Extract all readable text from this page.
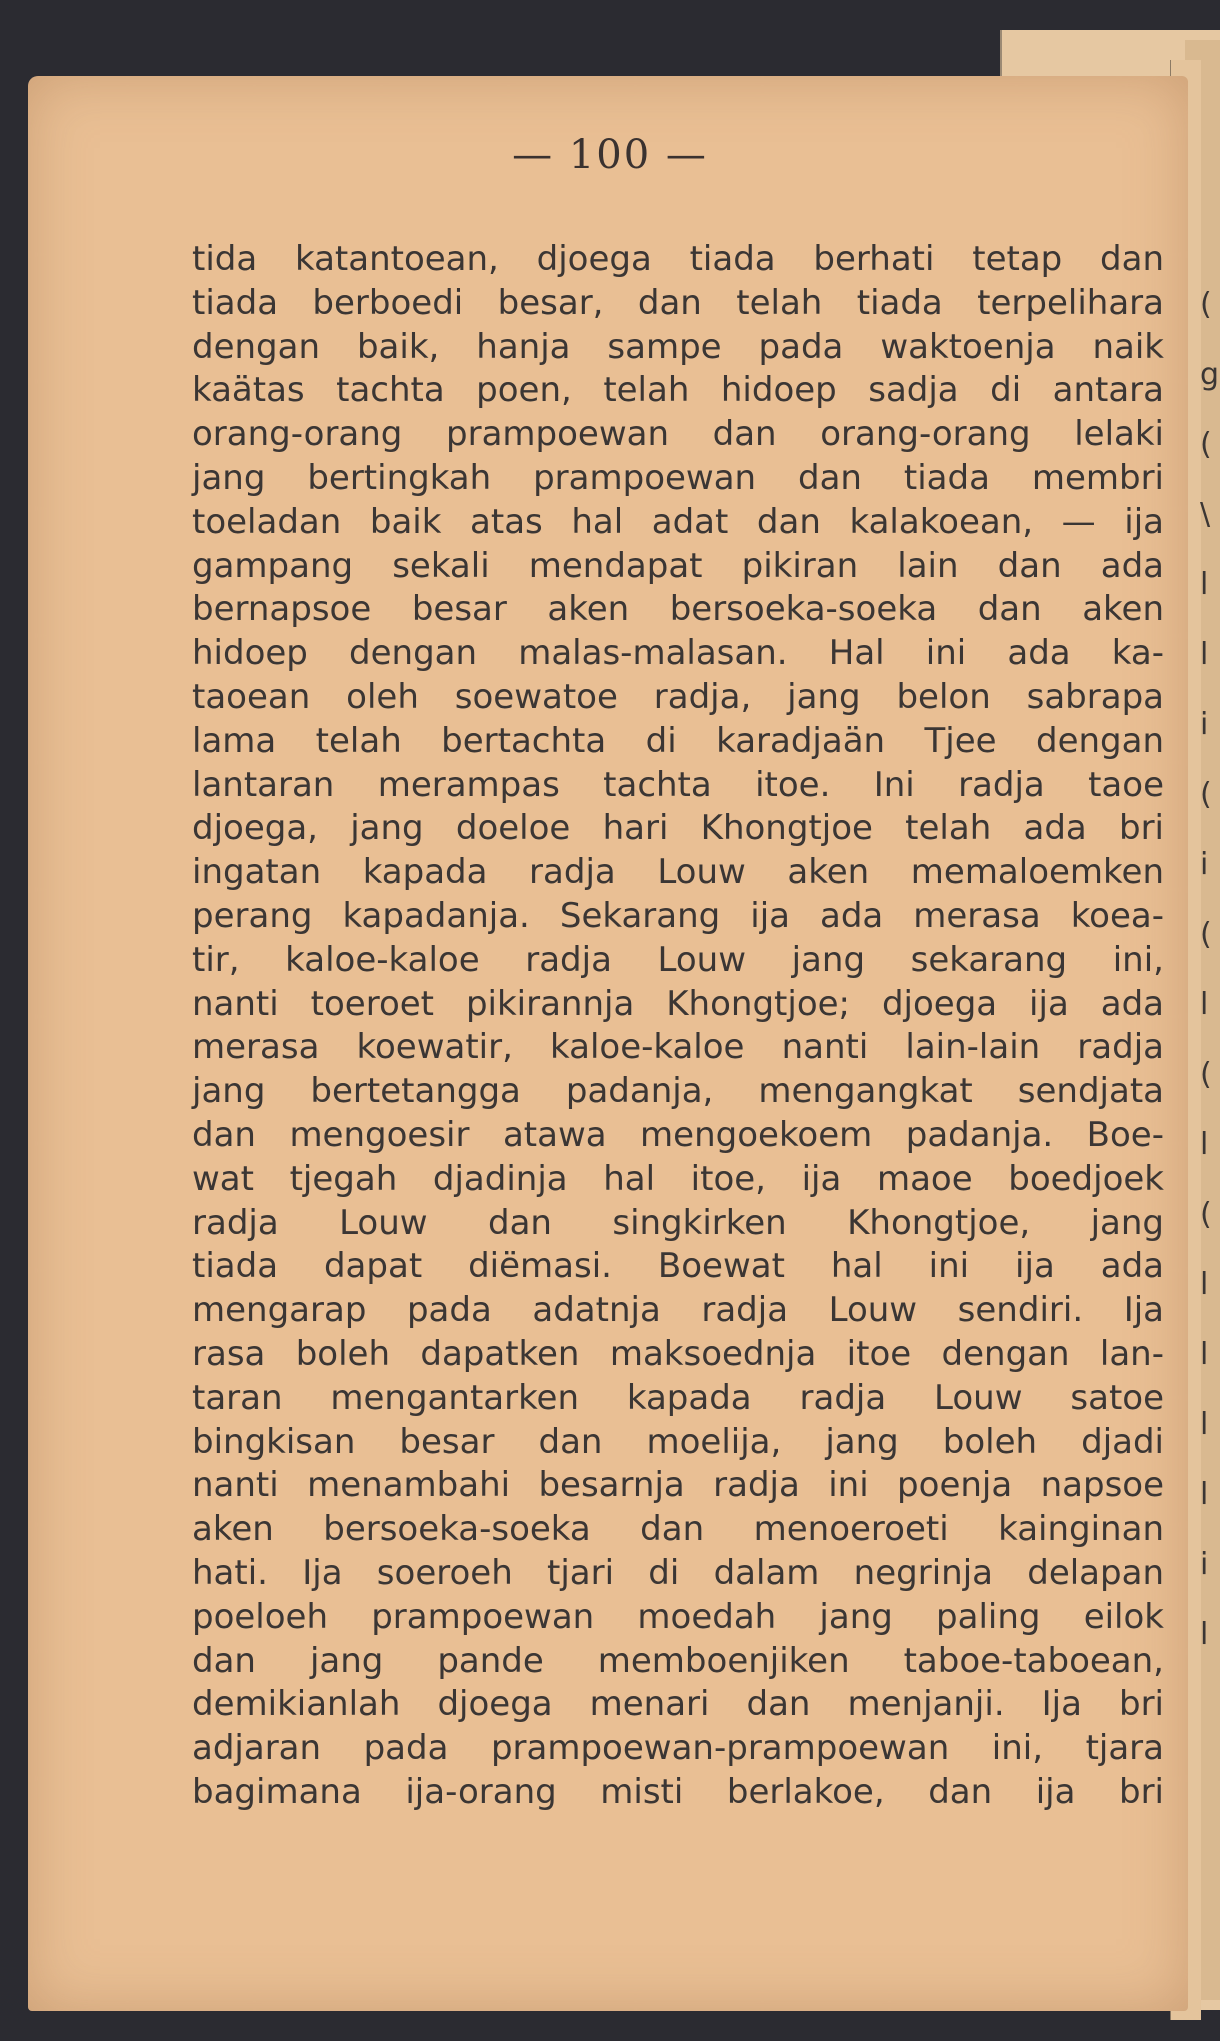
— 100 —
tida katantoean, djoega tiada berhati tetap dan
tiada berboedi besar, dan telah tiada terpelihara
dengan baik, hanja sampe pada waktoenja naik
kaätas tachta poen, telah hidoep sadja di antara
orang-orang prampoewan dan orang-orang lelaki
jang bertingkah prampoewan dan tiada membri
toeladan baik atas hal adat dan kalakoean, — ija
gampang sekali mendapat pikiran lain dan ada
bernapsoe besar aken bersoeka-soeka dan aken
hidoep dengan malas-malasan. Hal ini ada ka-
taoean oleh soewatoe radja, jang belon sabrapa
lama telah bertachta di karadjaän Tjee dengan
lantaran merampas tachta itoe. Ini radja taoe
djoega, jang doeloe hari Khongtjoe telah ada bri
ingatan kapada radja Louw aken memaloemken
perang kapadanja. Sekarang ija ada merasa koea-
tir, kaloe-kaloe radja Louw jang sekarang ini,
nanti toeroet pikirannja Khongtjoe; djoega ija ada
merasa koewatir, kaloe-kaloe nanti lain-lain radja
jang bertetangga padanja, mengangkat sendjata
dan mengoesir atawa mengoekoem padanja. Boe-
wat tjegah djadinja hal itoe, ija maoe boedjoek
radja Louw dan singkirken Khongtjoe, jang
tiada dapat diëmasi. Boewat hal ini ija ada
mengarap pada adatnja radja Louw sendiri. Ija
rasa boleh dapatken maksoednja itoe dengan lan-
taran mengantarken kapada radja Louw satoe
bingkisan besar dan moelija, jang boleh djadi
nanti menambahi besarnja radja ini poenja napsoe
aken bersoeka-soeka dan menoeroeti kainginan
hati. Ija soeroeh tjari di dalam negrinja delapan
poeloeh prampoewan moedah jang paling eilok
dan jang pande memboenjiken taboe-taboean,
demikianlah djoega menari dan menjanji. Ija bri
adjaran pada prampoewan-prampoewan ini, tjara
bagimana ija-orang misti berlakoe, dan ija bri
(
g
(
\
l
l
i
(
i
(
l
(
l
(
l
l
l
l
i
l
